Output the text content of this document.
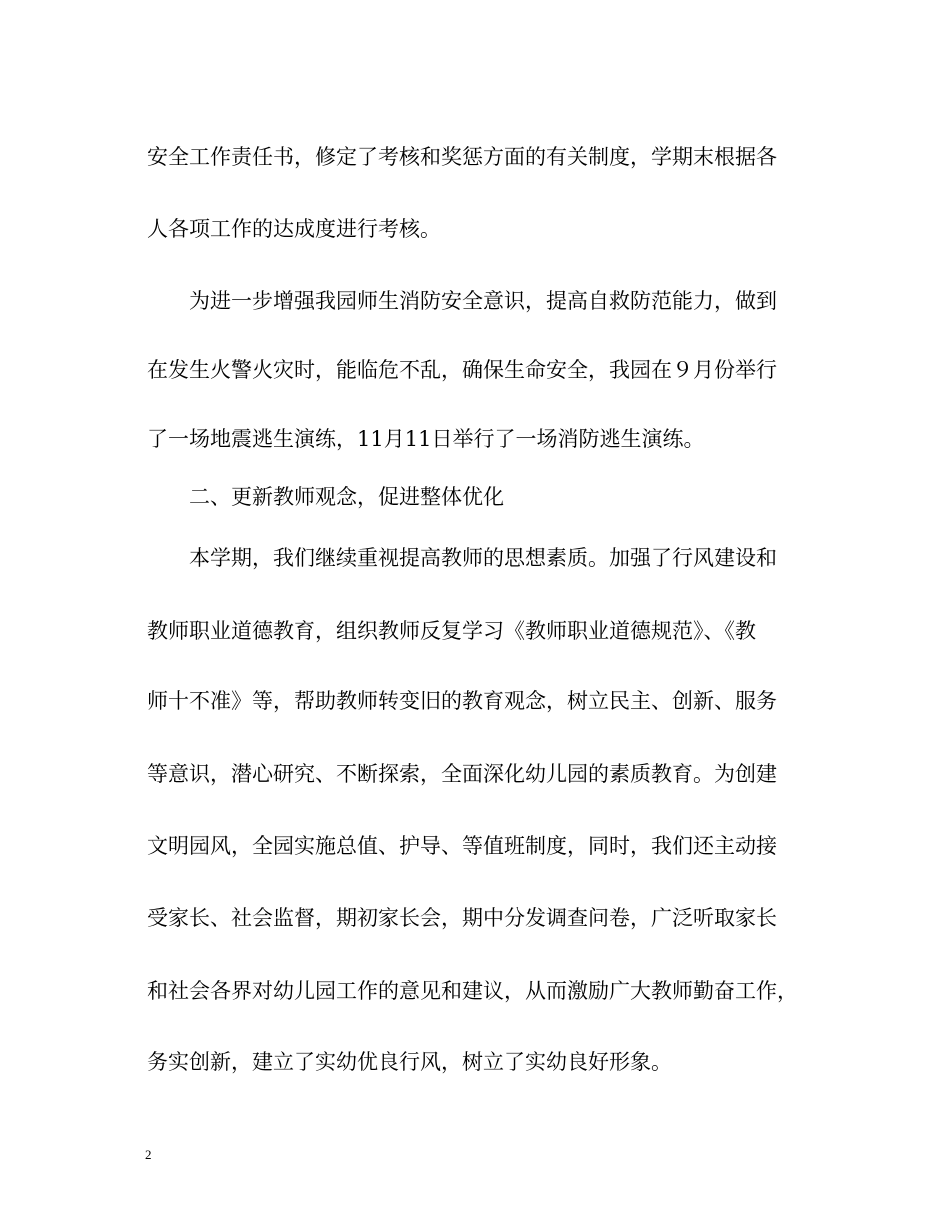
安全工作责任书，修定了考核和奖惩方面的有关制度，学期末根据各
人各项工作的达成度进行考核。
为进一步增强我园师生消防安全意识，提高自救防范能力，做到
在发生火警火灾时，能临危不乱，确保生命安全，我园在９月份举行
了一场地震逃生演练，11月11日举行了一场消防逃生演练。
二、更新教师观念，促进整体优化
本学期，我们继续重视提高教师的思想素质。加强了行风建设和
教师职业道德教育，组织教师反复学习《教师职业道德规范》、《教
师十不准》等，帮助教师转变旧的教育观念，树立民主、创新、服务
等意识，潜心研究、不断探索，全面深化幼儿园的素质教育。为创建
文明园风，全园实施总值、护导、等值班制度，同时，我们还主动接
受家长、社会监督，期初家长会，期中分发调查问卷，广泛听取家长
和社会各界对幼儿园工作的意见和建议，从而激励广大教师勤奋工作，
务实创新，建立了实幼优良行风，树立了实幼良好形象。
2
